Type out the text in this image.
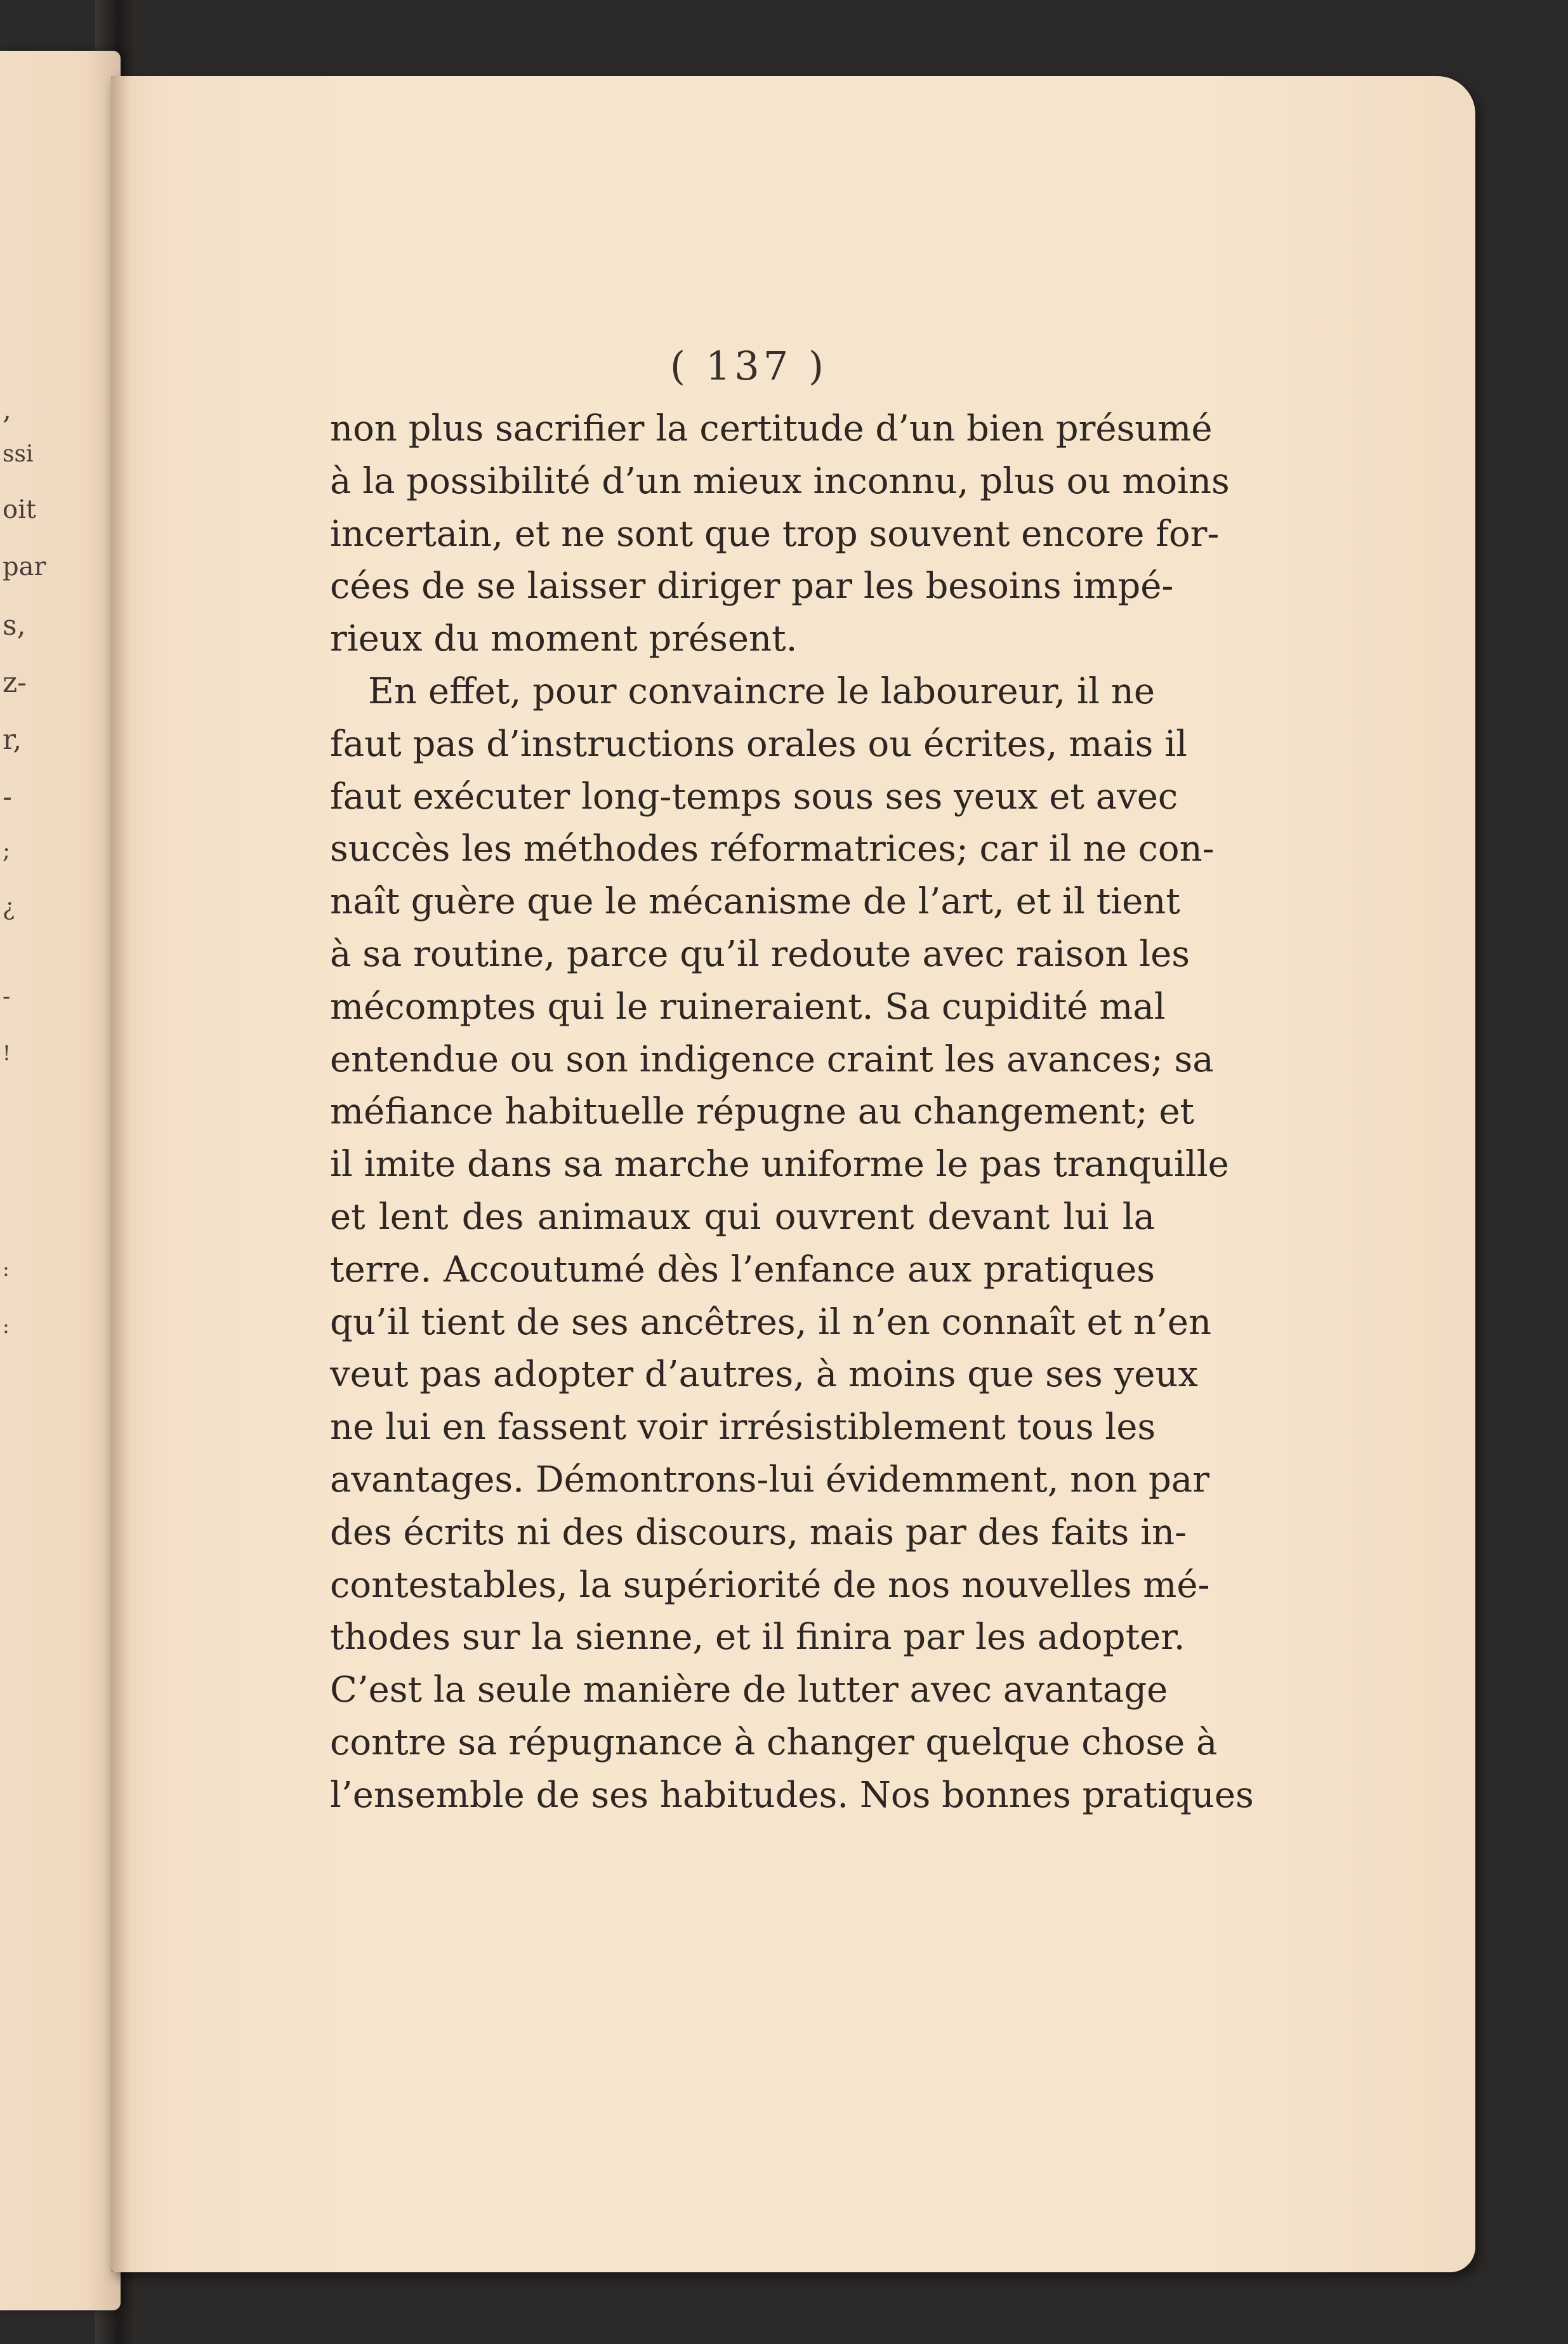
,
ssi
oit
par
s,
z-
r,
-
;
¿
-
!
:
:
( 137 )
non plus sacrifier la certitude d’un bien présumé
à la possibilité d’un mieux inconnu, plus ou moins
incertain, et ne sont que trop souvent encore for-
cées de se laisser diriger par les besoins impé-
rieux du moment présent.
En effet, pour convaincre le laboureur, il ne
faut pas d’instructions orales ou écrites, mais il
faut exécuter long-temps sous ses yeux et avec
succès les méthodes réformatrices; car il ne con-
naît guère que le mécanisme de l’art, et il tient
à sa routine, parce qu’il redoute avec raison les
mécomptes qui le ruineraient. Sa cupidité mal
entendue ou son indigence craint les avances; sa
méfiance habituelle répugne au changement; et
il imite dans sa marche uniforme le pas tranquille
et lent des animaux qui ouvrent devant lui la
terre. Accoutumé dès l’enfance aux pratiques
qu’il tient de ses ancêtres, il n’en connaît et n’en
veut pas adopter d’autres, à moins que ses yeux
ne lui en fassent voir irrésistiblement tous les
avantages. Démontrons-lui évidemment, non par
des écrits ni des discours, mais par des faits in-
contestables, la supériorité de nos nouvelles mé-
thodes sur la sienne, et il finira par les adopter.
C’est la seule manière de lutter avec avantage
contre sa répugnance à changer quelque chose à
l’ensemble de ses habitudes. Nos bonnes pratiques
